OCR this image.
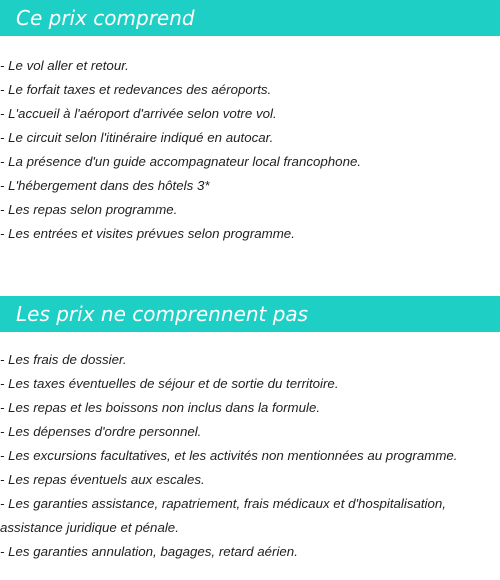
Ce prix comprend
- Le vol aller et retour.
- Le forfait taxes et redevances des aéroports.
- L'accueil à l'aéroport d'arrivée selon votre vol.
- Le circuit selon l'itinéraire indiqué en autocar.
- La présence d'un guide accompagnateur local francophone.
- L'hébergement dans des hôtels 3*
- Les repas selon programme.
- Les entrées et visites prévues selon programme.
Les prix ne comprennent pas
- Les frais de dossier.
- Les taxes éventuelles de séjour et de sortie du territoire.
- Les repas et les boissons non inclus dans la formule.
- Les dépenses d'ordre personnel.
- Les excursions facultatives, et les activités non mentionnées au programme.
- Les repas éventuels aux escales.
- Les garanties assistance, rapatriement, frais médicaux et d'hospitalisation, assistance juridique et pénale.
- Les garanties annulation, bagages, retard aérien.
